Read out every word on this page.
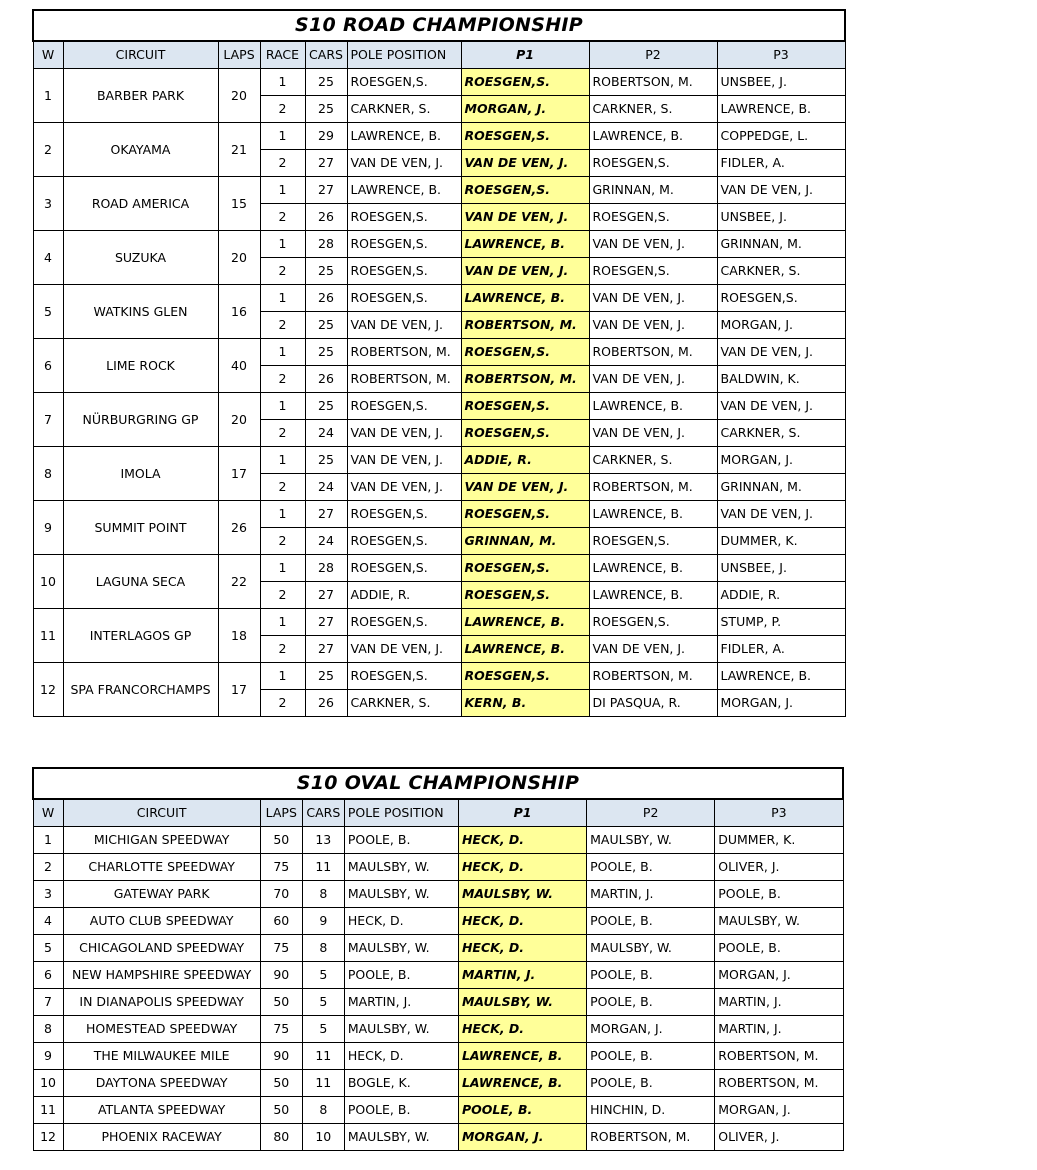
S10 ROAD CHAMPIONSHIP								
W	CIRCUIT	LAPS	RACE	CARS	POLE POSITION	P1	P2	P3
1	BARBER PARK	20	1	25	ROESGEN,S.	ROESGEN,S.	ROBERTSON, M.	UNSBEE, J.
			2	25	CARKNER, S.	MORGAN, J.	CARKNER, S.	LAWRENCE, B.
2	OKAYAMA	21	1	29	LAWRENCE, B.	ROESGEN,S.	LAWRENCE, B.	COPPEDGE, L.
			2	27	VAN DE VEN, J.	VAN DE VEN, J.	ROESGEN,S.	FIDLER, A.
3	ROAD AMERICA	15	1	27	LAWRENCE, B.	ROESGEN,S.	GRINNAN, M.	VAN DE VEN, J.
			2	26	ROESGEN,S.	VAN DE VEN, J.	ROESGEN,S.	UNSBEE, J.
4	SUZUKA	20	1	28	ROESGEN,S.	LAWRENCE, B.	VAN DE VEN, J.	GRINNAN, M.
			2	25	ROESGEN,S.	VAN DE VEN, J.	ROESGEN,S.	CARKNER, S.
5	WATKINS GLEN	16	1	26	ROESGEN,S.	LAWRENCE, B.	VAN DE VEN, J.	ROESGEN,S.
			2	25	VAN DE VEN, J.	ROBERTSON, M.	VAN DE VEN, J.	MORGAN, J.
6	LIME ROCK	40	1	25	ROBERTSON, M.	ROESGEN,S.	ROBERTSON, M.	VAN DE VEN, J.
			2	26	ROBERTSON, M.	ROBERTSON, M.	VAN DE VEN, J.	BALDWIN, K.
7	NÜRBURGRING GP	20	1	25	ROESGEN,S.	ROESGEN,S.	LAWRENCE, B.	VAN DE VEN, J.
			2	24	VAN DE VEN, J.	ROESGEN,S.	VAN DE VEN, J.	CARKNER, S.
8	IMOLA	17	1	25	VAN DE VEN, J.	ADDIE, R.	CARKNER, S.	MORGAN, J.
			2	24	VAN DE VEN, J.	VAN DE VEN, J.	ROBERTSON, M.	GRINNAN, M.
9	SUMMIT POINT	26	1	27	ROESGEN,S.	ROESGEN,S.	LAWRENCE, B.	VAN DE VEN, J.
			2	24	ROESGEN,S.	GRINNAN, M.	ROESGEN,S.	DUMMER, K.
10	LAGUNA SECA	22	1	28	ROESGEN,S.	ROESGEN,S.	LAWRENCE, B.	UNSBEE, J.
			2	27	ADDIE, R.	ROESGEN,S.	LAWRENCE, B.	ADDIE, R.
11	INTERLAGOS GP	18	1	27	ROESGEN,S.	LAWRENCE, B.	ROESGEN,S.	STUMP, P.
			2	27	VAN DE VEN, J.	LAWRENCE, B.	VAN DE VEN, J.	FIDLER, A.
12	SPA FRANCORCHAMPS	17	1	25	ROESGEN,S.	ROESGEN,S.	ROBERTSON, M.	LAWRENCE, B.
			2	26	CARKNER, S.	KERN, B.	DI PASQUA, R.	MORGAN, J.
S10 OVAL CHAMPIONSHIP							
W	CIRCUIT	LAPS	CARS	POLE POSITION	P1	P2	P3
1	MICHIGAN SPEEDWAY	50	13	POOLE, B.	HECK, D.	MAULSBY, W.	DUMMER, K.
2	CHARLOTTE SPEEDWAY	75	11	MAULSBY, W.	HECK, D.	POOLE, B.	OLIVER, J.
3	GATEWAY PARK	70	8	MAULSBY, W.	MAULSBY, W.	MARTIN, J.	POOLE, B.
4	AUTO CLUB SPEEDWAY	60	9	HECK, D.	HECK, D.	POOLE, B.	MAULSBY, W.
5	CHICAGOLAND SPEEDWAY	75	8	MAULSBY, W.	HECK, D.	MAULSBY, W.	POOLE, B.
6	NEW HAMPSHIRE SPEEDWAY	90	5	POOLE, B.	MARTIN, J.	POOLE, B.	MORGAN, J.
7	IN DIANAPOLIS SPEEDWAY	50	5	MARTIN, J.	MAULSBY, W.	POOLE, B.	MARTIN, J.
8	HOMESTEAD SPEEDWAY	75	5	MAULSBY, W.	HECK, D.	MORGAN, J.	MARTIN, J.
9	THE MILWAUKEE MILE	90	11	HECK, D.	LAWRENCE, B.	POOLE, B.	ROBERTSON, M.
10	DAYTONA SPEEDWAY	50	11	BOGLE, K.	LAWRENCE, B.	POOLE, B.	ROBERTSON, M.
11	ATLANTA SPEEDWAY	50	8	POOLE, B.	POOLE, B.	HINCHIN, D.	MORGAN, J.
12	PHOENIX RACEWAY	80	10	MAULSBY, W.	MORGAN, J.	ROBERTSON, M.	OLIVER, J.
